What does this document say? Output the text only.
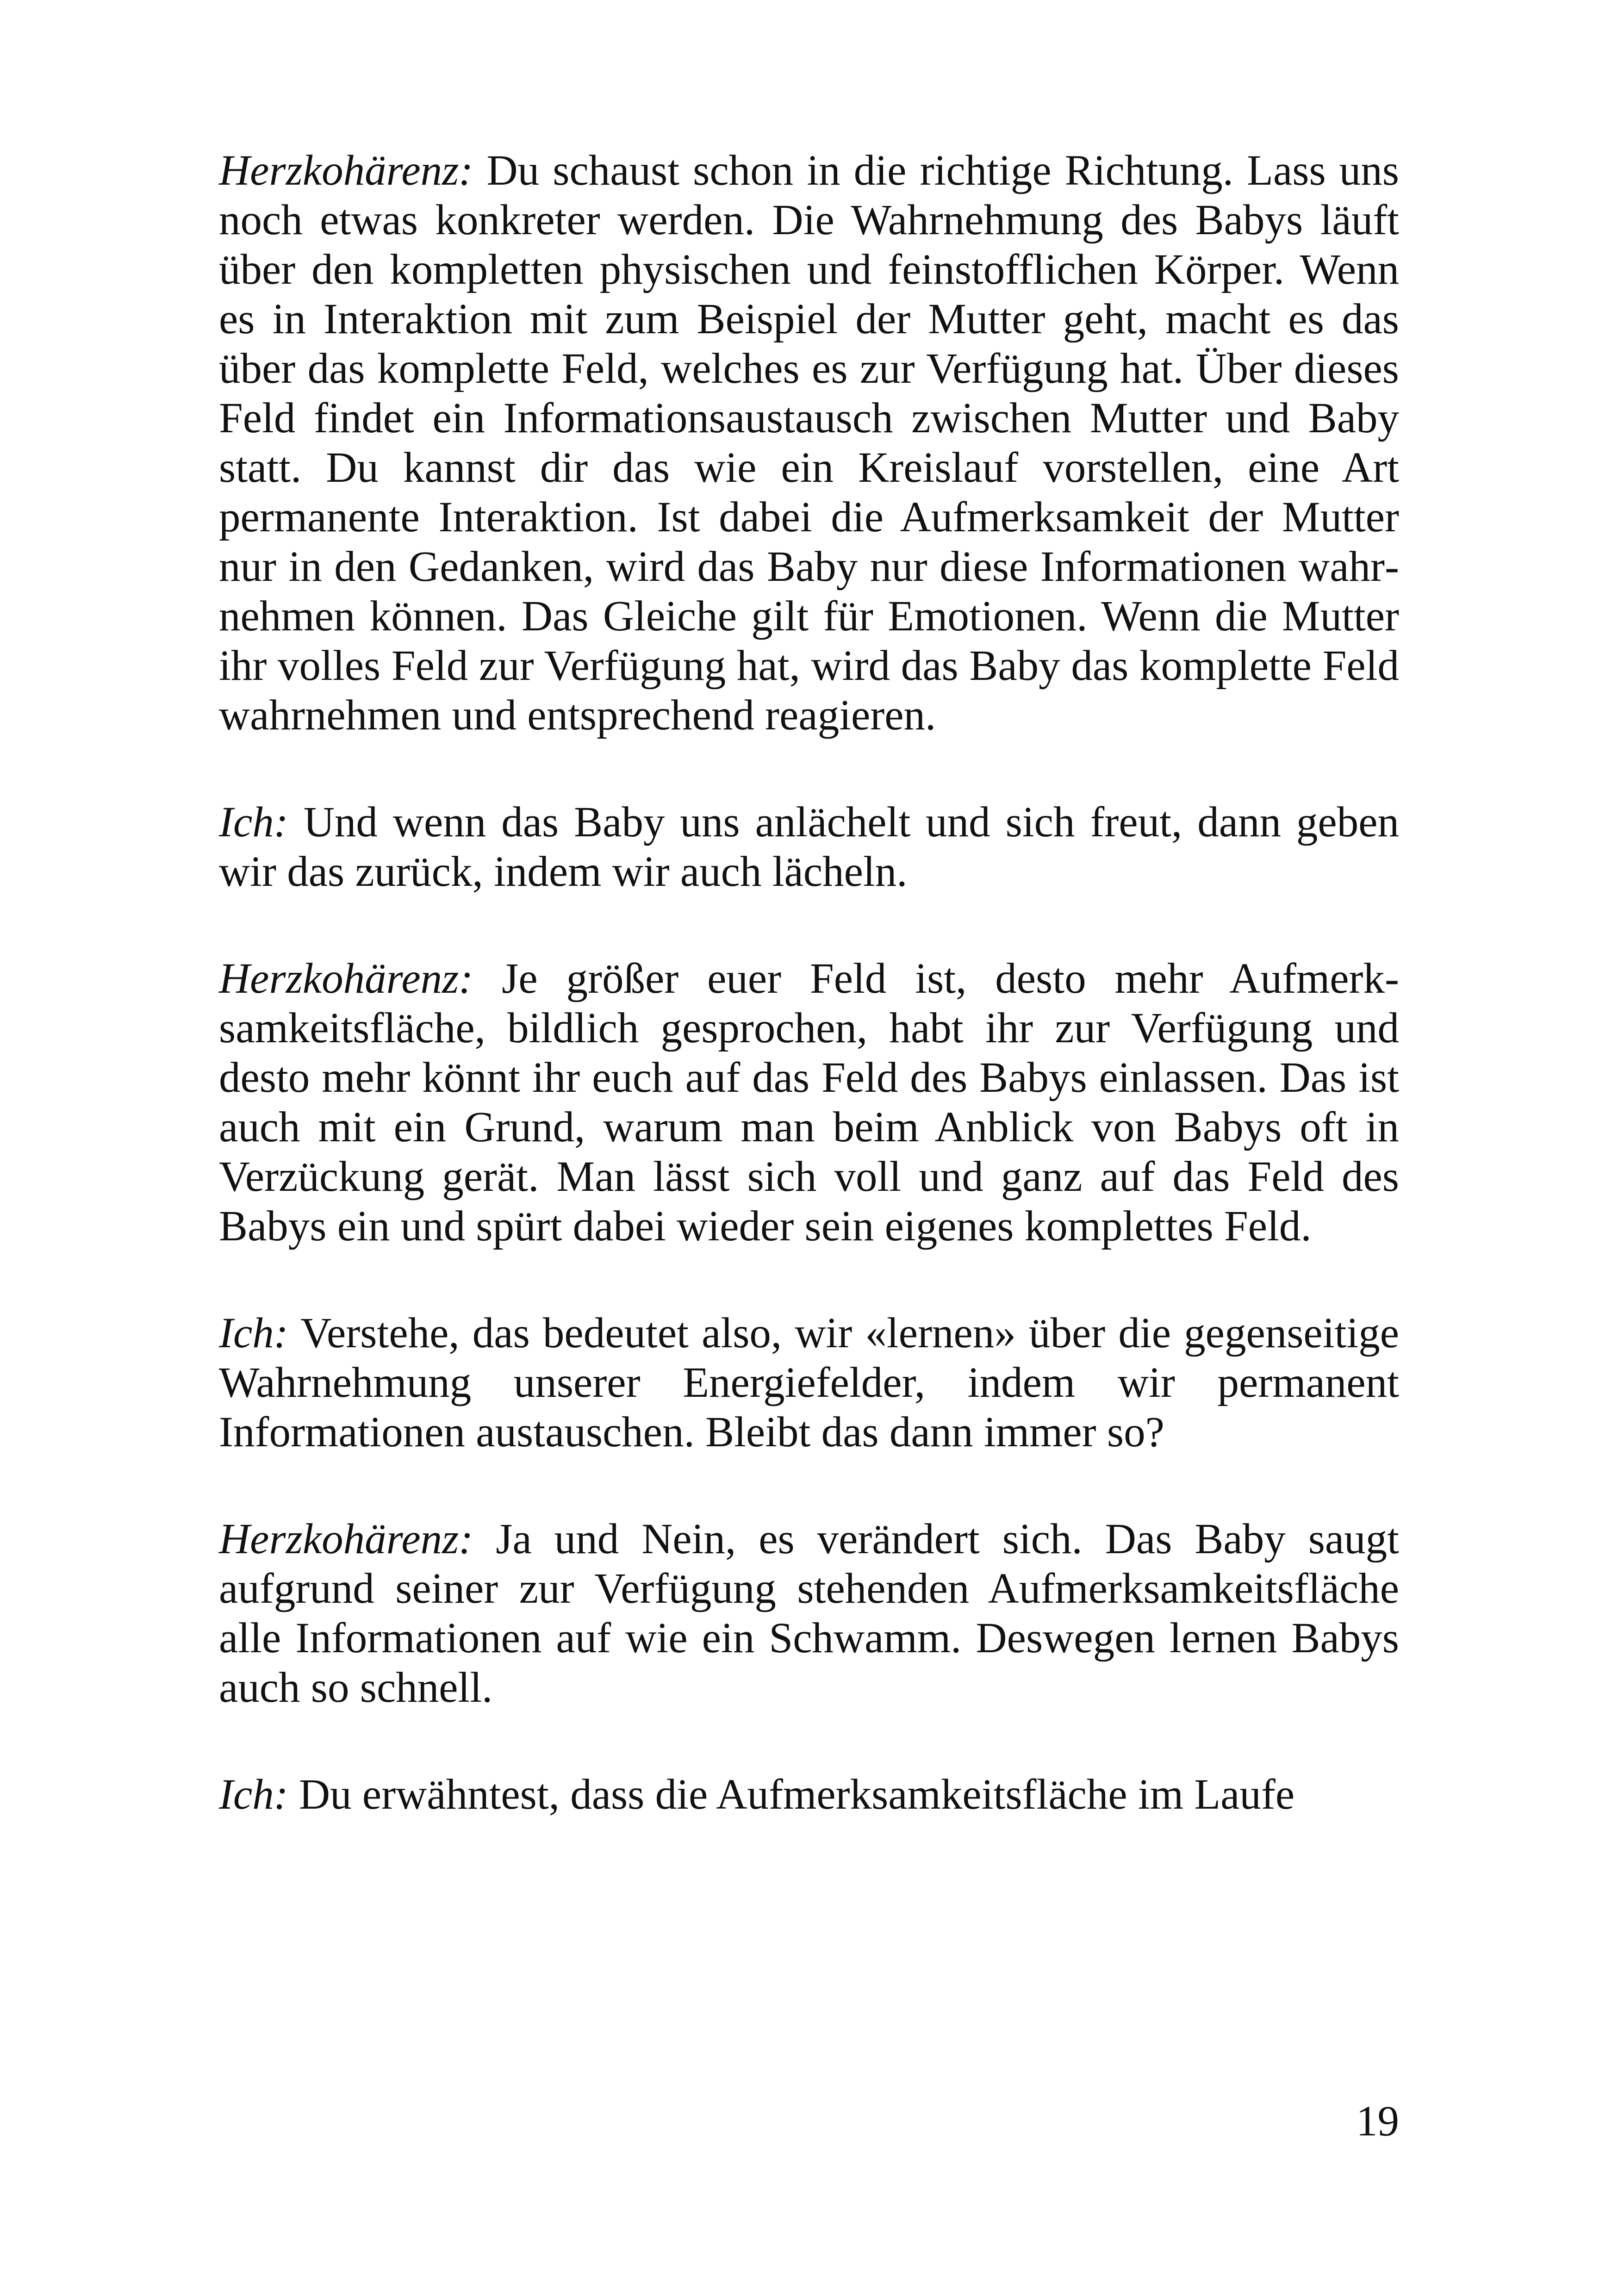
Herzkohärenz: Du schaust schon in die richtige Richtung. Lass uns noch etwas konkreter werden. Die Wahrnehmung des Babys läuft über den kompletten physischen und feinstofflichen Körper. Wenn es in Interaktion mit zum Beispiel der Mutter geht, macht es das über das komplette Feld, welches es zur Verfügung hat. Über dieses Feld findet ein Informationsaustausch zwischen Mutter und Baby statt. Du kannst dir das wie ein Kreislauf vorstellen, eine Art permanente Interaktion. Ist dabei die Aufmerksamkeit der Mutter nur in den Gedanken, wird das Baby nur diese Informationen wahrnehmen können. Das Gleiche gilt für Emotionen. Wenn die Mutter ihr volles Feld zur Verfügung hat, wird das Baby das komplette Feld wahrnehmen und entsprechend reagieren.

Ich: Und wenn das Baby uns anlächelt und sich freut, dann geben wir das zurück, indem wir auch lächeln.

Herzkohärenz: Je größer euer Feld ist, desto mehr Aufmerksamkeitsfläche, bildlich gesprochen, habt ihr zur Verfügung und desto mehr könnt ihr euch auf das Feld des Babys einlassen. Das ist auch mit ein Grund, warum man beim Anblick von Babys oft in Verzückung gerät. Man lässt sich voll und ganz auf das Feld des Babys ein und spürt dabei wieder sein eigenes komplettes Feld.

Ich: Verstehe, das bedeutet also, wir «lernen» über die gegenseitige Wahrnehmung unserer Energiefelder, indem wir permanent Informationen austauschen. Bleibt das dann immer so?

Herzkohärenz: Ja und Nein, es verändert sich. Das Baby saugt aufgrund seiner zur Verfügung stehenden Aufmerksamkeitsfläche alle Informationen auf wie ein Schwamm. Deswegen lernen Babys auch so schnell.

Ich: Du erwähntest, dass die Aufmerksamkeitsfläche im Laufe

19
